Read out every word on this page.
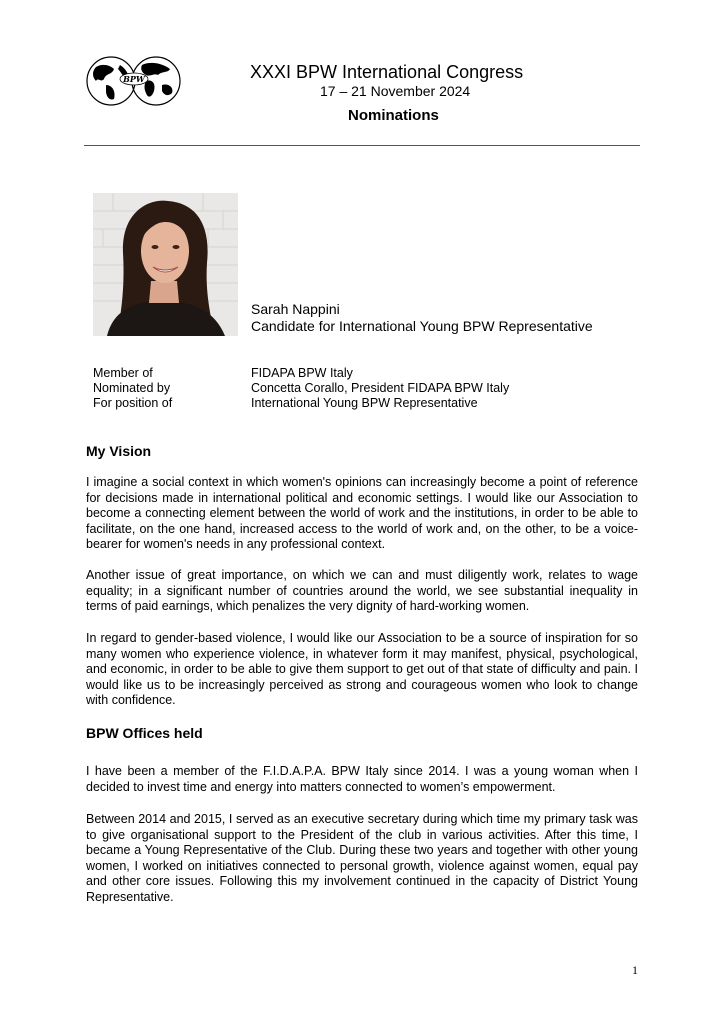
BPW	XXXI BPW International Congress
17 – 21 November 2024
Nominations
Sarah Nappini
Candidate for International Young BPW Representative
Member of	FIDAPA BPW Italy
Nominated by	Concetta Corallo, President FIDAPA BPW Italy
For position of	International Young BPW Representative
My Vision
I imagine a social context in which women's opinions can increasingly become a point of reference for decisions made in international political and economic settings. I would like our Association to become a connecting element between the world of work and the institutions, in order to be able to facilitate, on the one hand, increased access to the world of work and, on the other, to be a voice-bearer for women's needs in any professional context.
Another issue of great importance, on which we can and must diligently work, relates to wage equality; in a significant number of countries around the world, we see substantial inequality in terms of paid earnings, which penalizes the very dignity of hard-working women.
In regard to gender-based violence, I would like our Association to be a source of inspiration for so many women who experience violence, in whatever form it may manifest, physical, psychological, and economic, in order to be able to give them support to get out of that state of difficulty and pain. I would like us to be increasingly perceived as strong and courageous women who look to change with confidence.
BPW Offices held
I have been a member of the F.I.D.A.P.A. BPW Italy since 2014. I was a young woman when I decided to invest time and energy into matters connected to women’s empowerment.
Between 2014 and 2015, I served as an executive secretary during which time my primary task was to give organisational support to the President of the club in various activities. After this time, I became a Young Representative of the Club. During these two years and together with other young women, I worked on initiatives connected to personal growth, violence against women, equal pay and other core issues. Following this my involvement continued in the capacity of District Young Representative.
1
